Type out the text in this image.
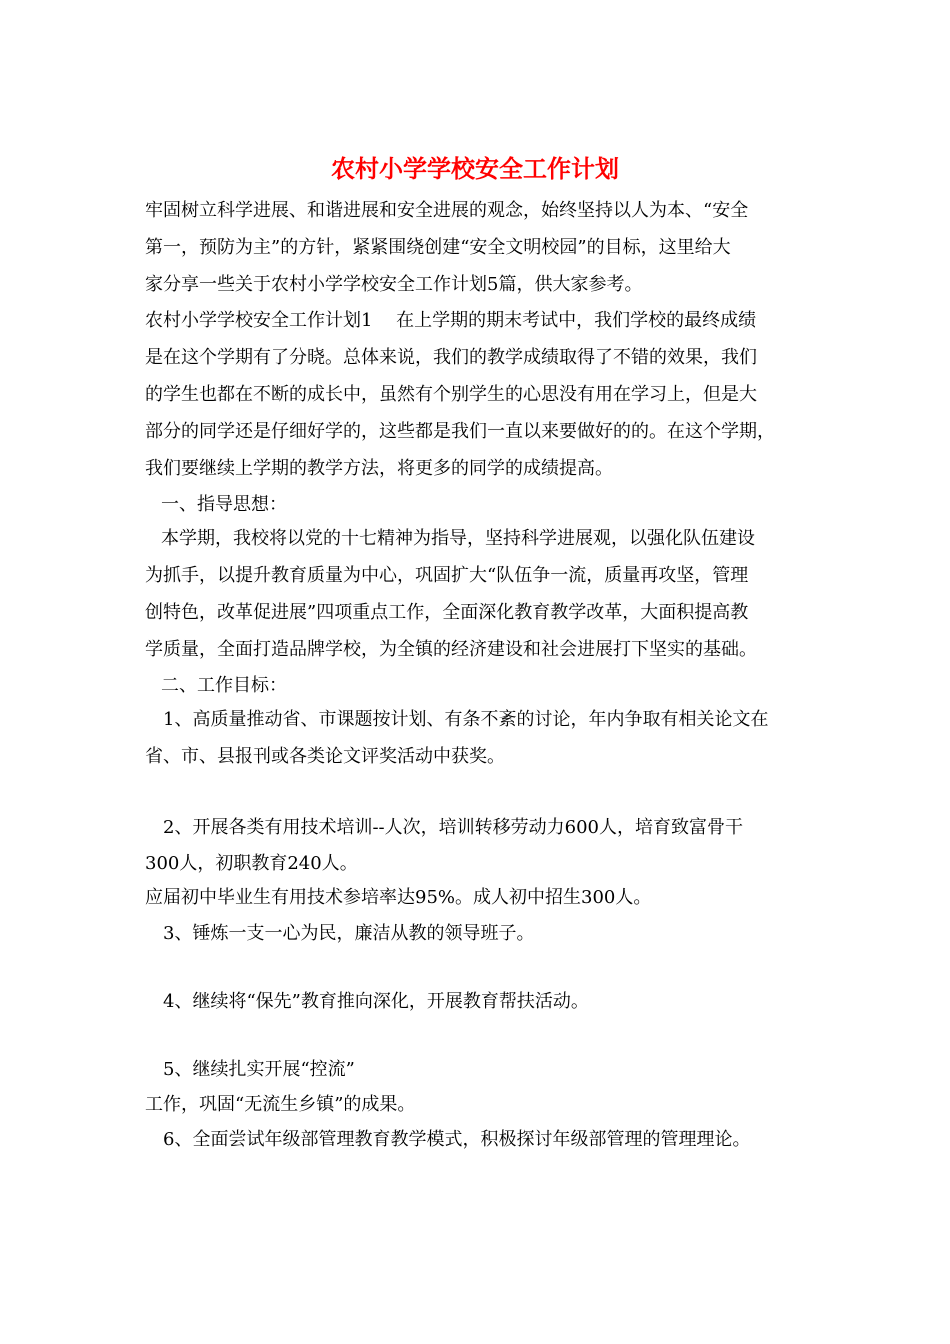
农村小学学校安全工作计划
牢固树立科学进展、和谐进展和安全进展的观念，始终坚持以人为本、“安全
第一，预防为主”的方针，紧紧围绕创建“安全文明校园”的目标，这里给大
家分享一些关于农村小学学校安全工作计划5篇，供大家参考。
农村小学学校安全工作计划1　 在上学期的期末考试中，我们学校的最终成绩
是在这个学期有了分晓。总体来说，我们的教学成绩取得了不错的效果，我们
的学生也都在不断的成长中，虽然有个别学生的心思没有用在学习上，但是大
部分的同学还是仔细好学的，这些都是我们一直以来要做好的的。在这个学期，
我们要继续上学期的教学方法，将更多的同学的成绩提高。
一、指导思想：
本学期，我校将以党的十七精神为指导，坚持科学进展观，以强化队伍建设
为抓手，以提升教育质量为中心，巩固扩大“队伍争一流，质量再攻坚，管理
创特色，改革促进展”四项重点工作，全面深化教育教学改革，大面积提高教
学质量，全面打造品牌学校，为全镇的经济建设和社会进展打下坚实的基础。
二、工作目标：
1、高质量推动省、市课题按计划、有条不紊的讨论，年内争取有相关论文在
省、市、县报刊或各类论文评奖活动中获奖。
2、开展各类有用技术培训--人次，培训转移劳动力600人，培育致富骨干
300人，初职教育240人。
应届初中毕业生有用技术参培率达95%。成人初中招生300人。
3、锤炼一支一心为民，廉洁从教的领导班子。
4、继续将“保先”教育推向深化，开展教育帮扶活动。
5、继续扎实开展“控流”
工作，巩固“无流生乡镇”的成果。
6、全面尝试年级部管理教育教学模式，积极探讨年级部管理的管理理论。
